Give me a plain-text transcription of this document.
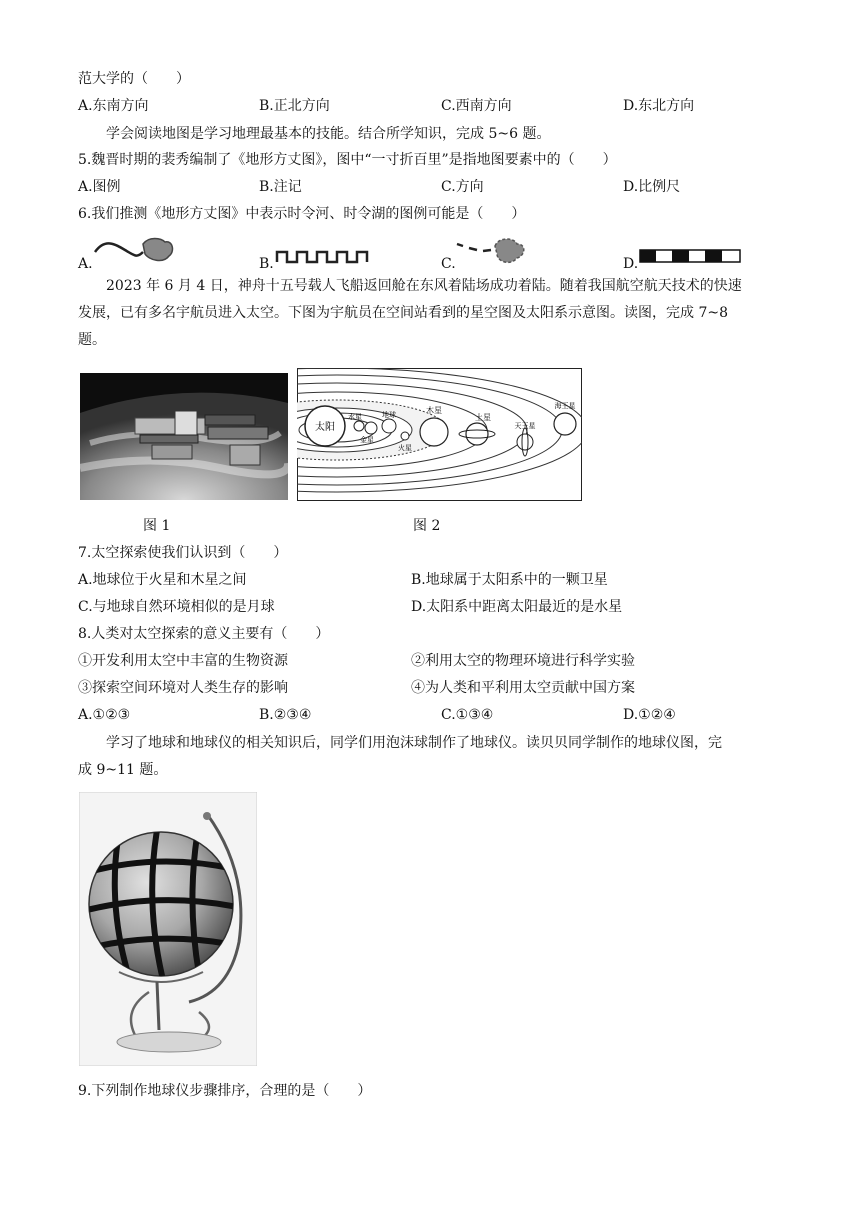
范大学的（　　）
A.东南方向	B.正北方向	C.西南方向	D.东北方向
学会阅读地图是学习地理最基本的技能。结合所学知识，完成 5~6 题。
5.魏晋时期的裴秀编制了《地形方丈图》，图中“一寸折百里”是指地图要素中的（　　）
A.图例	B.注记	C.方向	D.比例尺
6.我们推测《地形方丈图》中表示时令河、时令湖的图例可能是（　　）
A.	B.	C.	D.
2023 年 6 月 4 日，神舟十五号载人飞船返回舱在东风着陆场成功着陆。随着我国航空航天技术的快速
发展，已有多名宇航员进入太空。下图为宇航员在空间站看到的星空图及太阳系示意图。读图，完成 7~8
题。
太阳
水星
金星
地球
火星
木星
土星
天王星
海王星
图 1	图 2
7.太空探索使我们认识到（　　）
A.地球位于火星和木星之间	B.地球属于太阳系中的一颗卫星
C.与地球自然环境相似的是月球	D.太阳系中距离太阳最近的是水星
8.人类对太空探索的意义主要有（　　）
①开发利用太空中丰富的生物资源	②利用太空的物理环境进行科学实验
③探索空间环境对人类生存的影响	④为人类和平利用太空贡献中国方案
A.①②③	B.②③④	C.①③④	D.①②④
学习了地球和地球仪的相关知识后，同学们用泡沫球制作了地球仪。读贝贝同学制作的地球仪图，完
成 9~11 题。
9.下列制作地球仪步骤排序，合理的是（　　）
